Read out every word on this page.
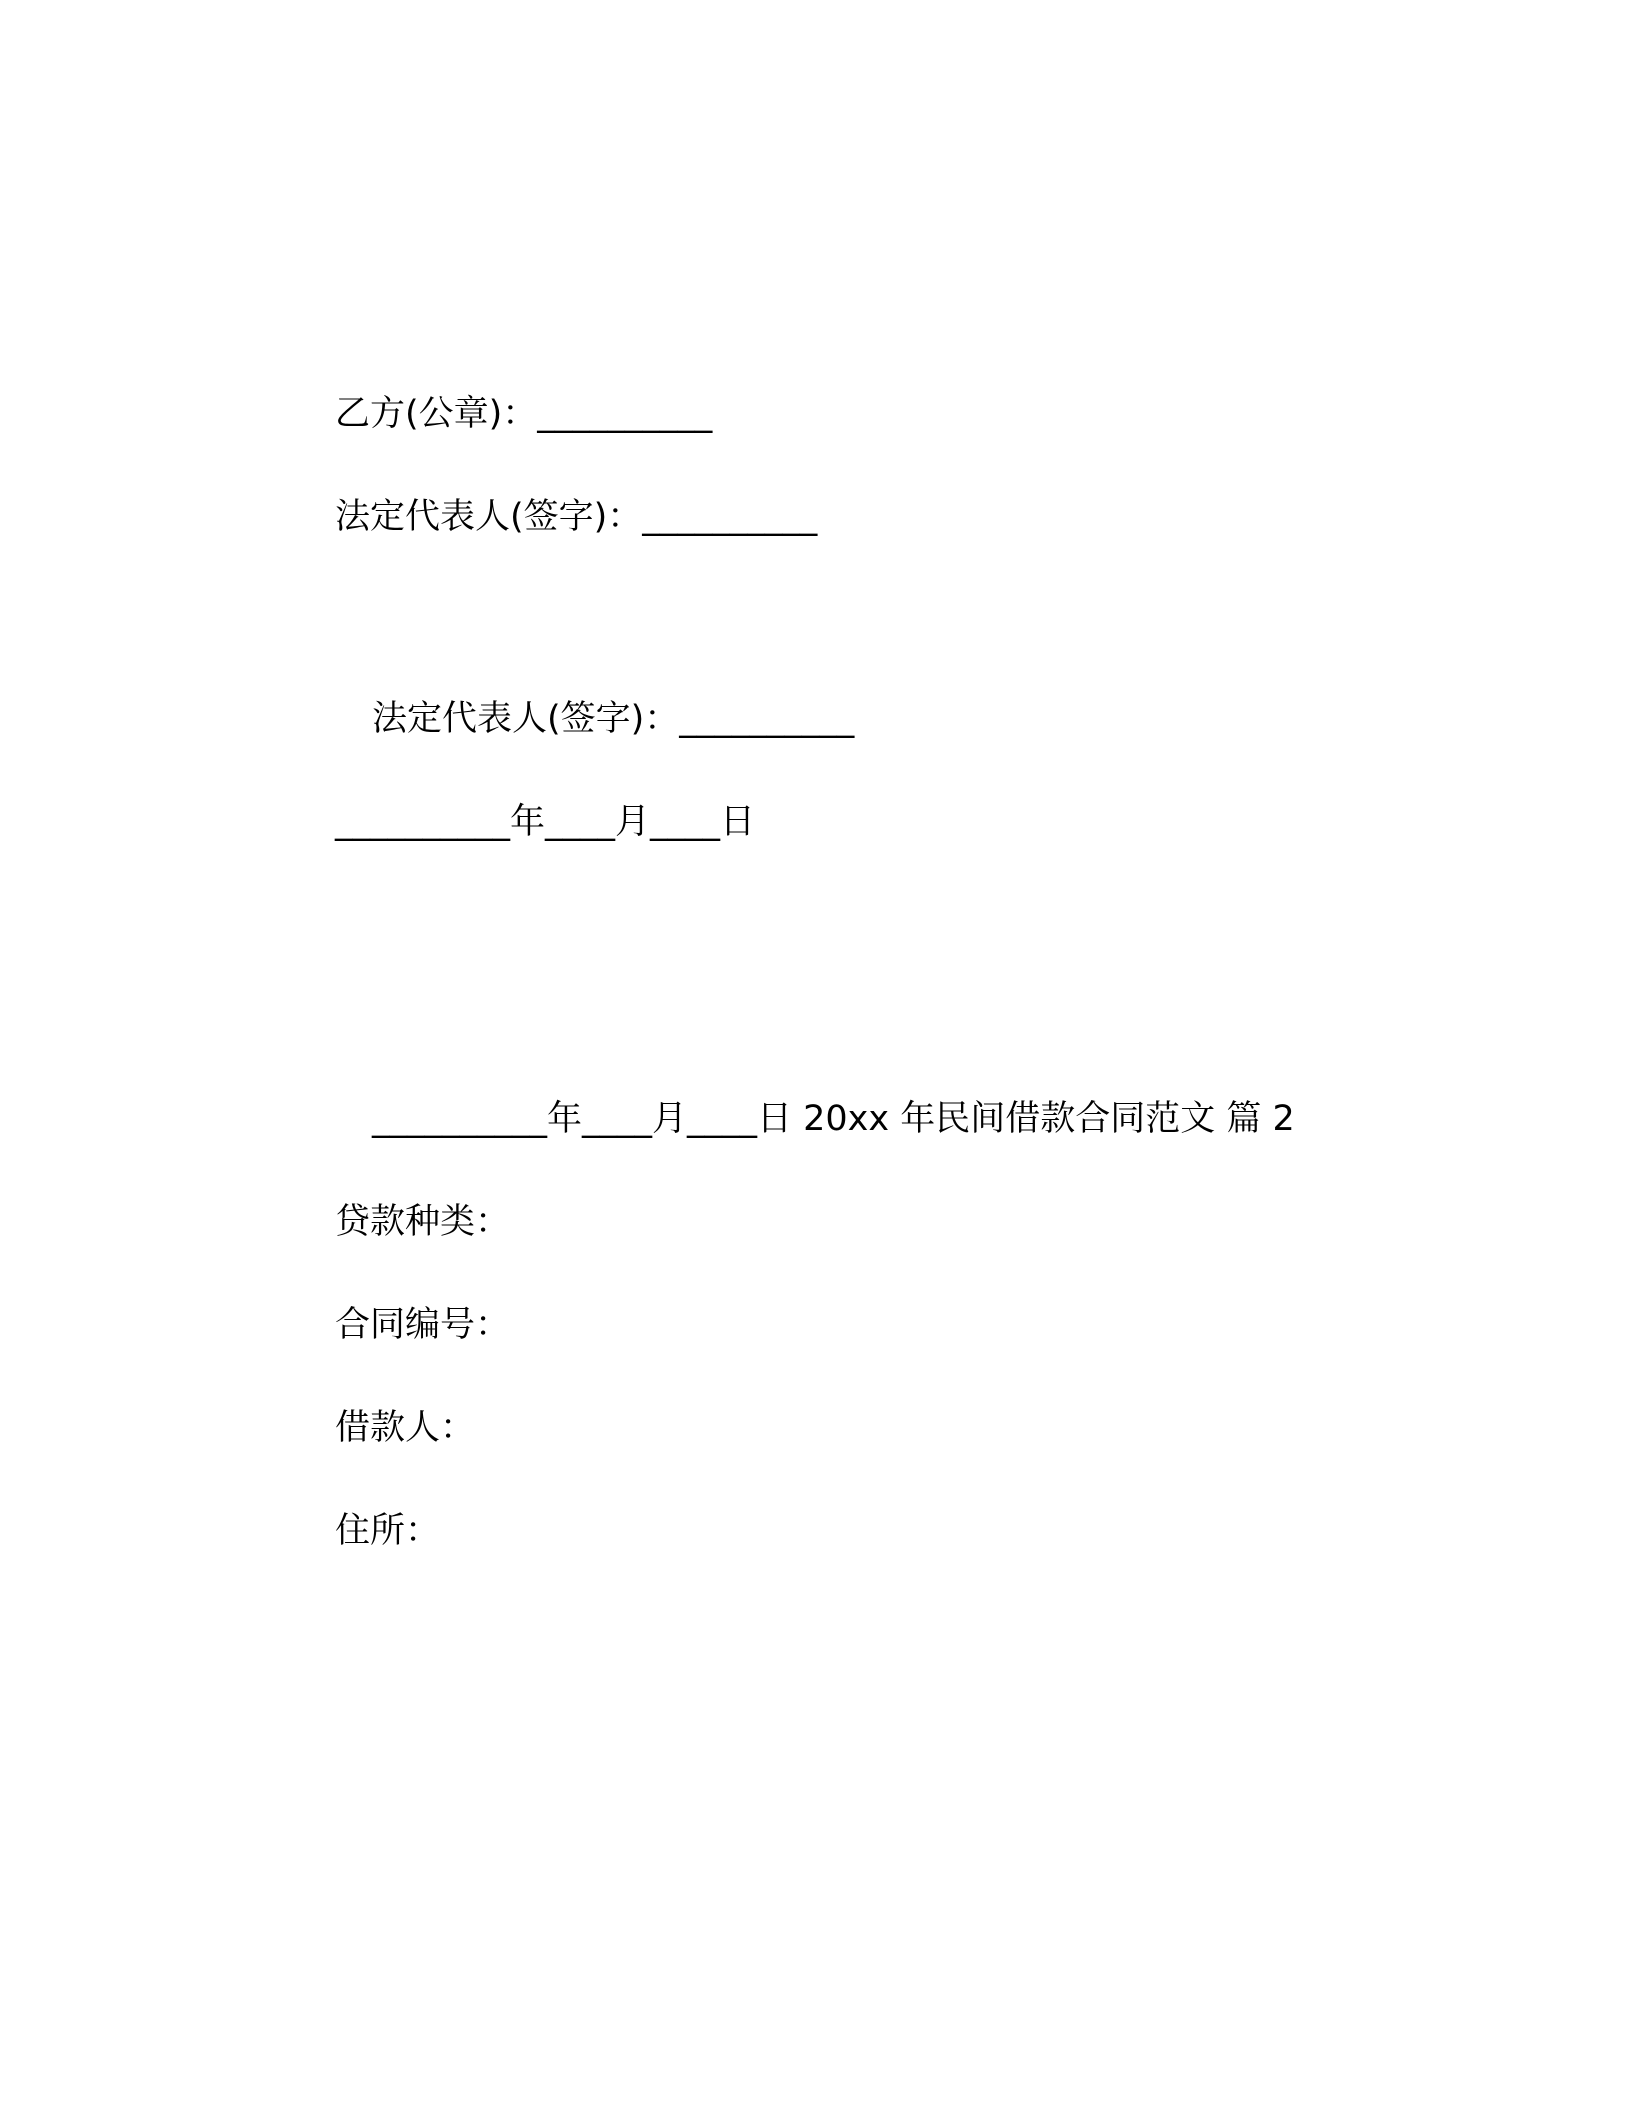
乙方(公章)：__________
法定代表人(签字)：__________
法定代表人(签字)：__________
__________年____月____日
__________年____月____日 20xx 年民间借款合同范文 篇 2
贷款种类：
合同编号：
借款人：
住所：
